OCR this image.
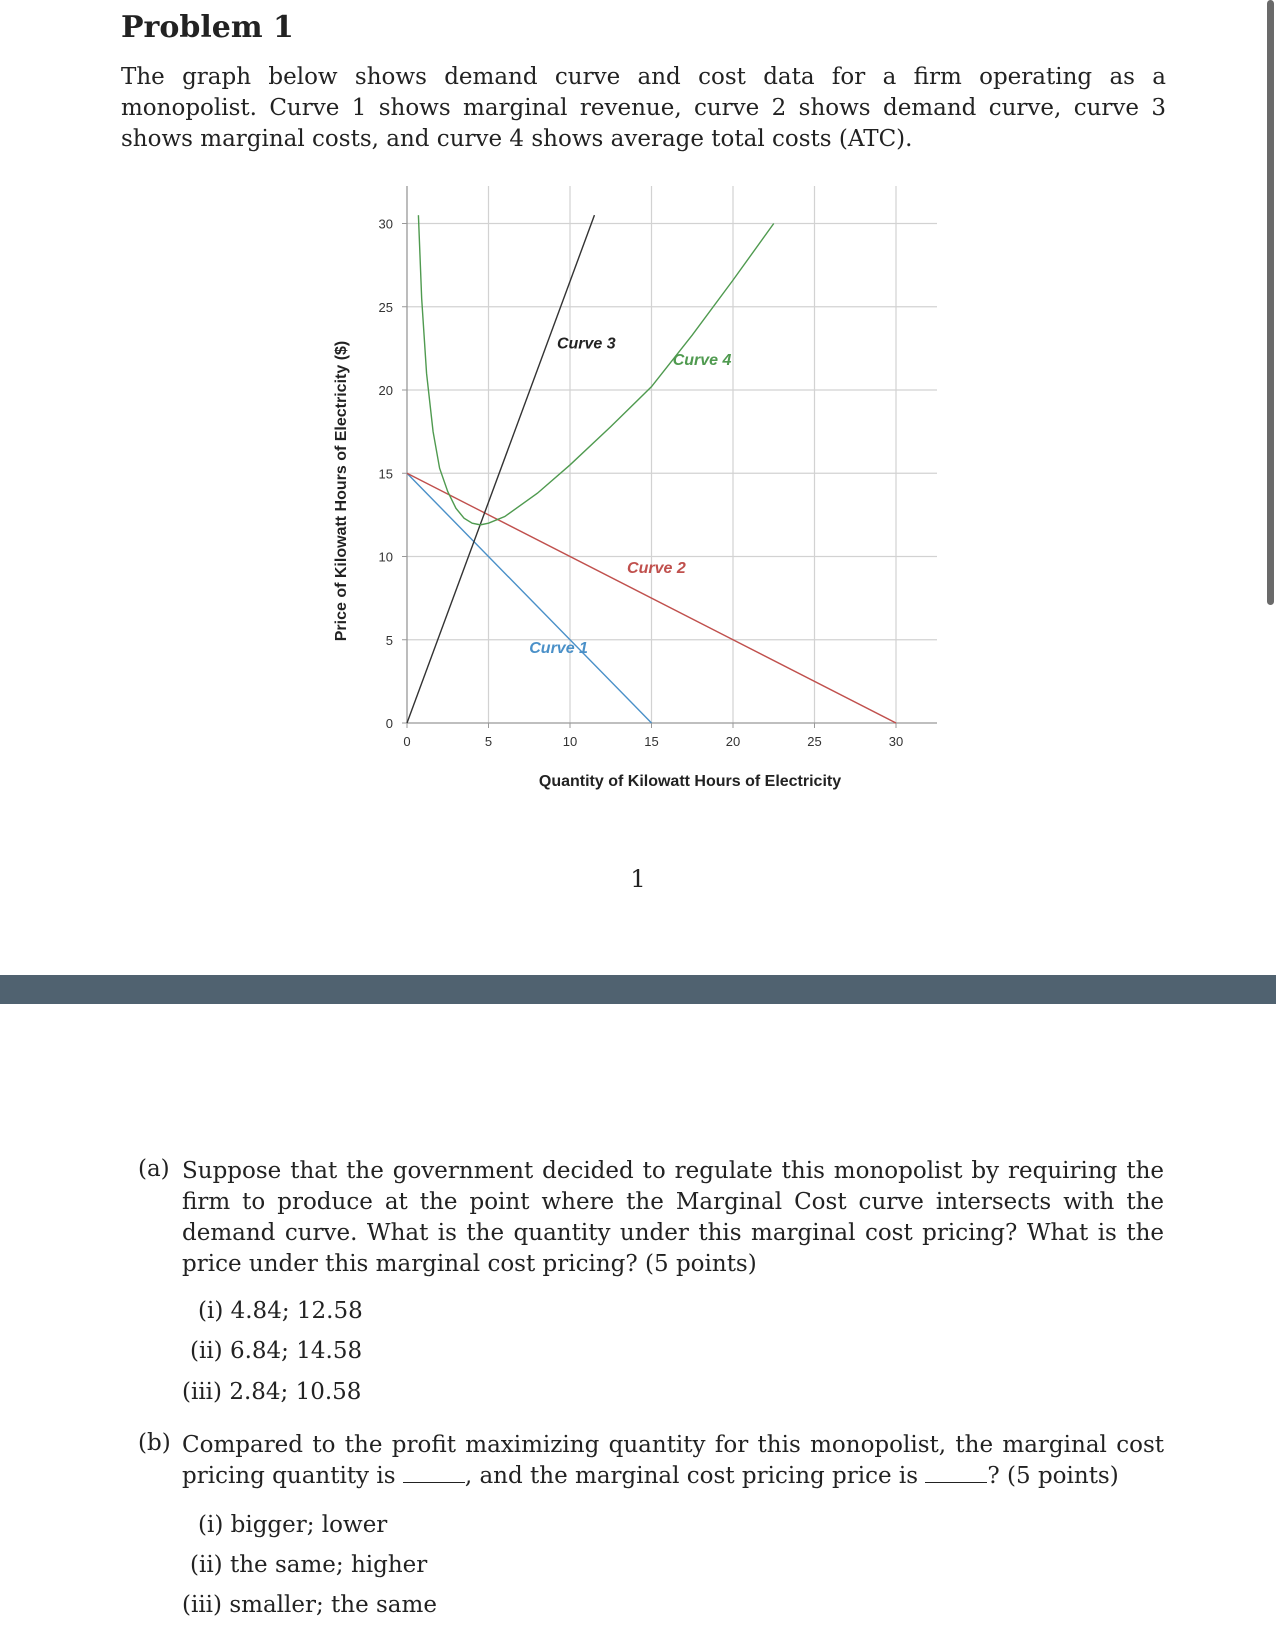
Problem 1

The graph below shows demand curve and cost data for a firm operating as a monopolist. Curve 1 shows marginal revenue, curve 2 shows demand curve, curve 3 shows marginal costs, and curve 4 shows average total costs (ATC).

0	5	10	15	20	25	30
0
5
10
15
20
25
30
Curve 1
Curve 2
Curve 3
Curve 4
Quantity of Kilowatt Hours of Electricity
Price of Kilowatt Hours of Electricity ($)
1
(a) Suppose that the government decided to regulate this monopolist by requiring the firm to produce at the point where the Marginal Cost curve intersects with the demand curve. What is the quantity under this marginal cost pricing? What is the price under this marginal cost pricing? (5 points)

(i) 4.84; 12.58
(ii) 6.84; 14.58
(iii) 2.84; 10.58
(b) Compared to the profit maximizing quantity for this monopolist, the marginal cost pricing quantity is	, and the marginal cost pricing price is	? (5 points)

(i) bigger; lower
(ii) the same; higher
(iii) smaller; the same
